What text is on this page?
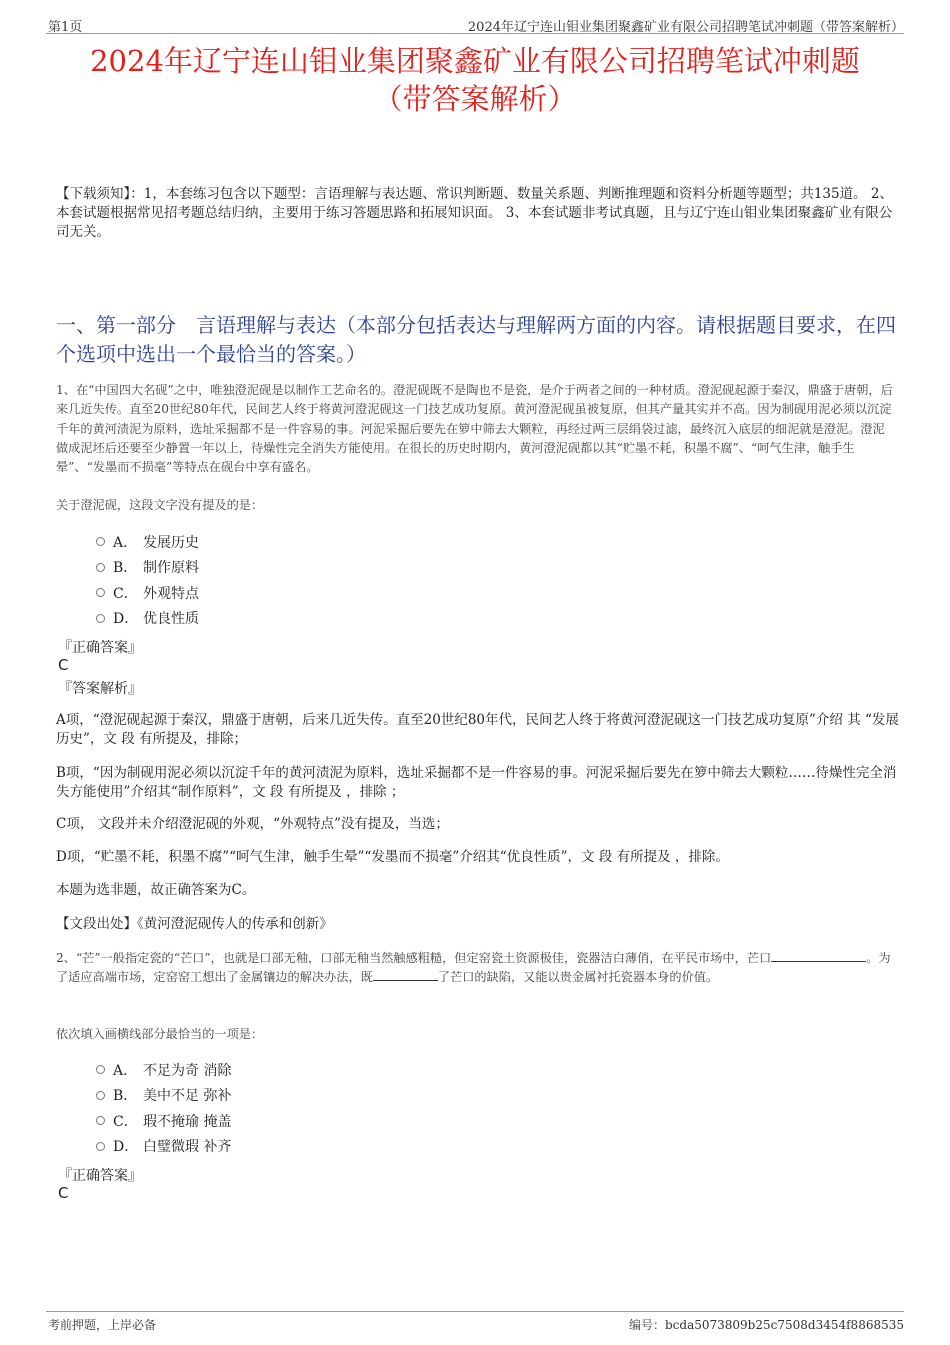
第1页	2024年辽宁连山钼业集团聚鑫矿业有限公司招聘笔试冲刺题（带答案解析）
2024年辽宁连山钼业集团聚鑫矿业有限公司招聘笔试冲刺题
（带答案解析）
【下载须知】：1，本套练习包含以下题型：言语理解与表达题、常识判断题、数量关系题、判断推理题和资料分析题等题型；共135道。 2、本套试题根据常见招考题总结归纳，主要用于练习答题思路和拓展知识面。 3、本套试题非考试真题，且与辽宁连山钼业集团聚鑫矿业有限公司无关。
一、第一部分　言语理解与表达（本部分包括表达与理解两方面的内容。请根据题目要求，在四个选项中选出一个最恰当的答案。）
1、在“中国四大名砚”之中，唯独澄泥砚是以制作工艺命名的。澄泥砚既不是陶也不是瓷，是介于两者之间的一种材质。澄泥砚起源于秦汉，鼎盛于唐朝，后来几近失传。直至20世纪80年代，民间艺人终于将黄河澄泥砚这一门技艺成功复原。黄河澄泥砚虽被复原，但其产量其实并不高。因为制砚用泥必须以沉淀千年的黄河渍泥为原料，选址采掘都不是一件容易的事。河泥采掘后要先在箩中筛去大颗粒，再经过两三层绢袋过滤，最终沉入底层的细泥就是澄泥。澄泥做成泥坯后还要至少静置一年以上，待燥性完全消失方能使用。在很长的历史时期内，黄河澄泥砚都以其“贮墨不耗，积墨不腐”、“呵气生津，触手生晕”、“发墨而不损毫”等特点在砚台中享有盛名。
关于澄泥砚，这段文字没有提及的是：
A． 发展历史
B． 制作原料
C． 外观特点
D． 优良性质
『正确答案』
C
『答案解析』
A项，“澄泥砚起源于秦汉，鼎盛于唐朝，后来几近失传。直至20世纪80年代，民间艺人终于将黄河澄泥砚这一门技艺成功复原”介绍 其 “发展历史”，文 段 有所提及，排除；
B项，“因为制砚用泥必须以沉淀千年的黄河渍泥为原料，选址采掘都不是一件容易的事。河泥采掘后要先在箩中筛去大颗粒……待燥性完全消失方能使用”介绍其“制作原料”，文 段 有所提及 ，排除 ；
C项， 文段并未介绍澄泥砚的外观，“外观特点”没有提及，当选；
D项，“贮墨不耗，积墨不腐”“呵气生津，触手生晕”“发墨而不损毫”介绍其“优良性质”，文 段 有所提及 ，排除。
本题为选非题，故正确答案为C。
【文段出处】《黄河澄泥砚传人的传承和创新》
2、“芒”一般指定瓷的“芒口”，也就是口部无釉，口部无釉当然触感粗糙，但定窑瓷土资源极佳，瓷器洁白薄俏，在平民市场中，芒口	。为了适应高端市场，定窑窑工想出了金属镶边的解决办法，既	了芒口的缺陷，又能以贵金属衬托瓷器本身的价值。
依次填入画横线部分最恰当的一项是：
A． 不足为奇 消除
B． 美中不足 弥补
C． 瑕不掩瑜 掩盖
D． 白璧微瑕 补齐
『正确答案』
C
考前押题，上岸必备	编号：bcda5073809b25c7508d3454f8868535
